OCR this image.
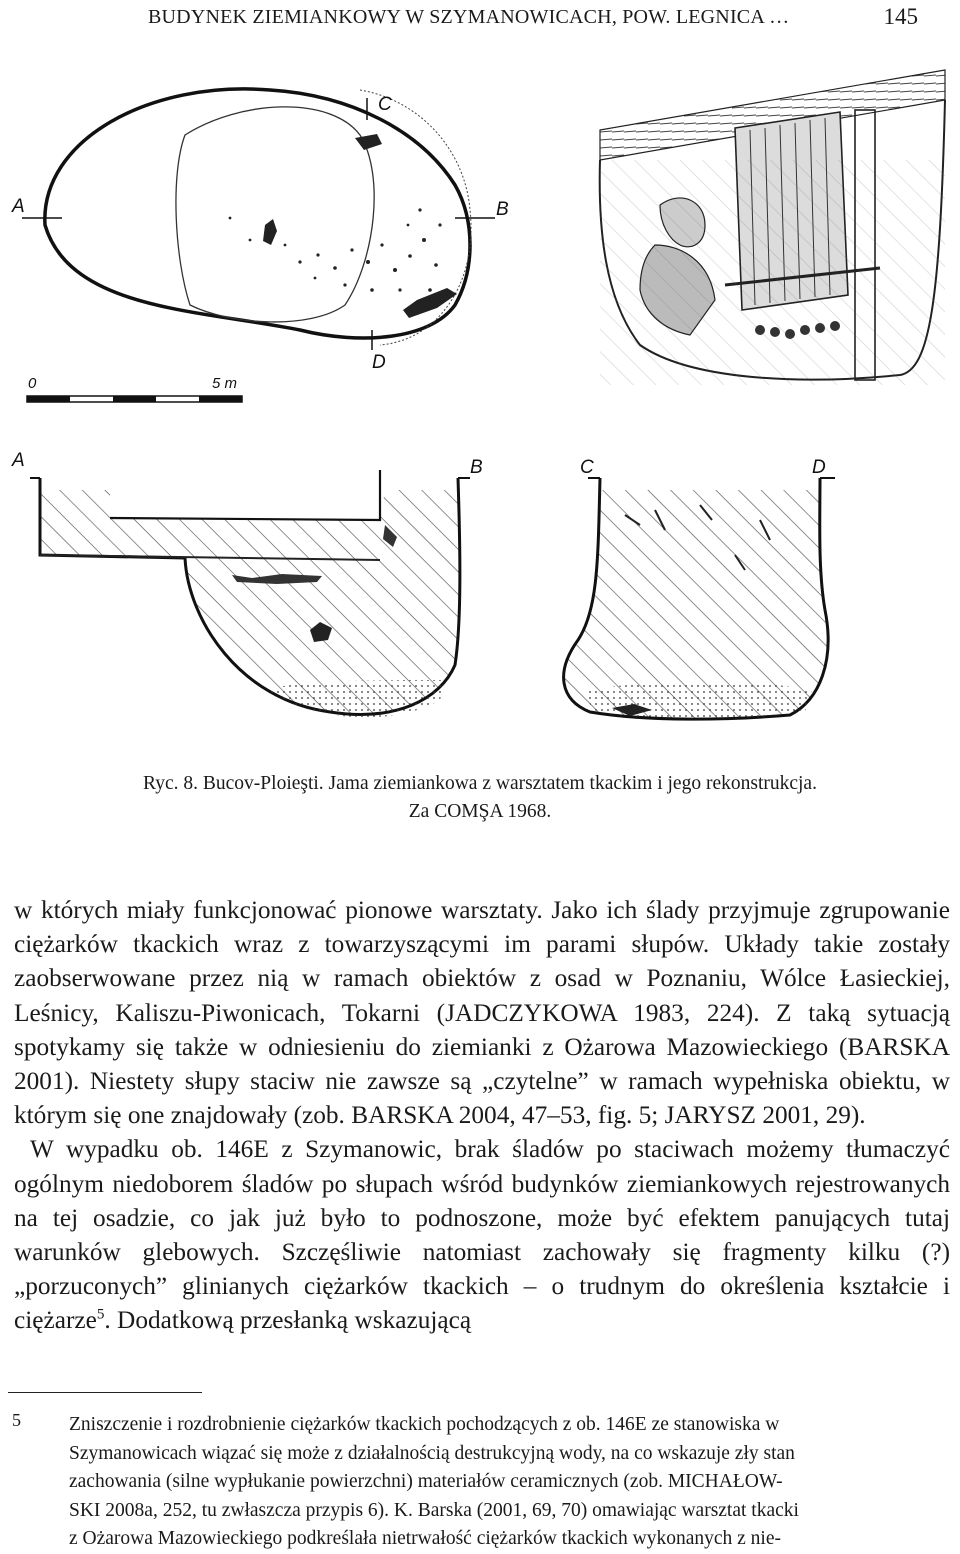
BUDYNEK ZIEMIANKOWY W SZYMANOWICACH, POW. LEGNICA …	145
A	B
C
D
0	5 m
A	B	C	D
Ryc. 8. Bucov-Ploieşti. Jama ziemiankowa z warsztatem tkackim i jego rekonstrukcja.
Za COMŞA 1968.

w których miały funkcjonować pionowe warsztaty. Jako ich ślady przyjmuje zgrupowanie ciężarków tkackich wraz z towarzyszącymi im parami słupów. Układy takie zostały zaobserwowane przez nią w ramach obiektów z osad w Poznaniu, Wólce Łasieckiej, Leśnicy, Kaliszu-Piwonicach, Tokarni (JADCZYKOWA 1983, 224). Z taką sytuacją spotykamy się także w odniesieniu do ziemianki z Ożarowa Mazowieckiego (BARSKA 2001). Niestety słupy staciw nie zawsze są „czytelne” w ramach wypełniska obiektu, w którym się one znajdowały (zob. BARSKA 2004, 47–53, fig. 5; JARYSZ 2001, 29).

W wypadku ob. 146E z Szymanowic, brak śladów po staciwach możemy tłumaczyć ogólnym niedoborem śladów po słupach wśród budynków ziemiankowych rejestrowanych na tej osadzie, co jak już było to podnoszone, może być efektem panujących tutaj warunków glebowych. Szczęśliwie natomiast zachowały się fragmenty kilku (?) „porzuconych” glinianych ciężarków tkackich – o trudnym do określenia kształcie i ciężarze$^5$. Dodatkową przesłanką wskazującą

5 Zniszczenie i rozdrobnienie ciężarków tkackich pochodzących z ob. 146E ze stanowiska w
Szymanowicach wiązać się może z działalnością destrukcyjną wody, na co wskazuje zły stan
zachowania (silne wypłukanie powierzchni) materiałów ceramicznych (zob. MICHAŁOW-
SKI 2008a, 252, tu zwłaszcza przypis 6). K. Barska (2001, 69, 70) omawiając warsztat tkacki
z Ożarowa Mazowieckiego podkreślała nietrwałość ciężarków tkackich wykonanych z nie-
